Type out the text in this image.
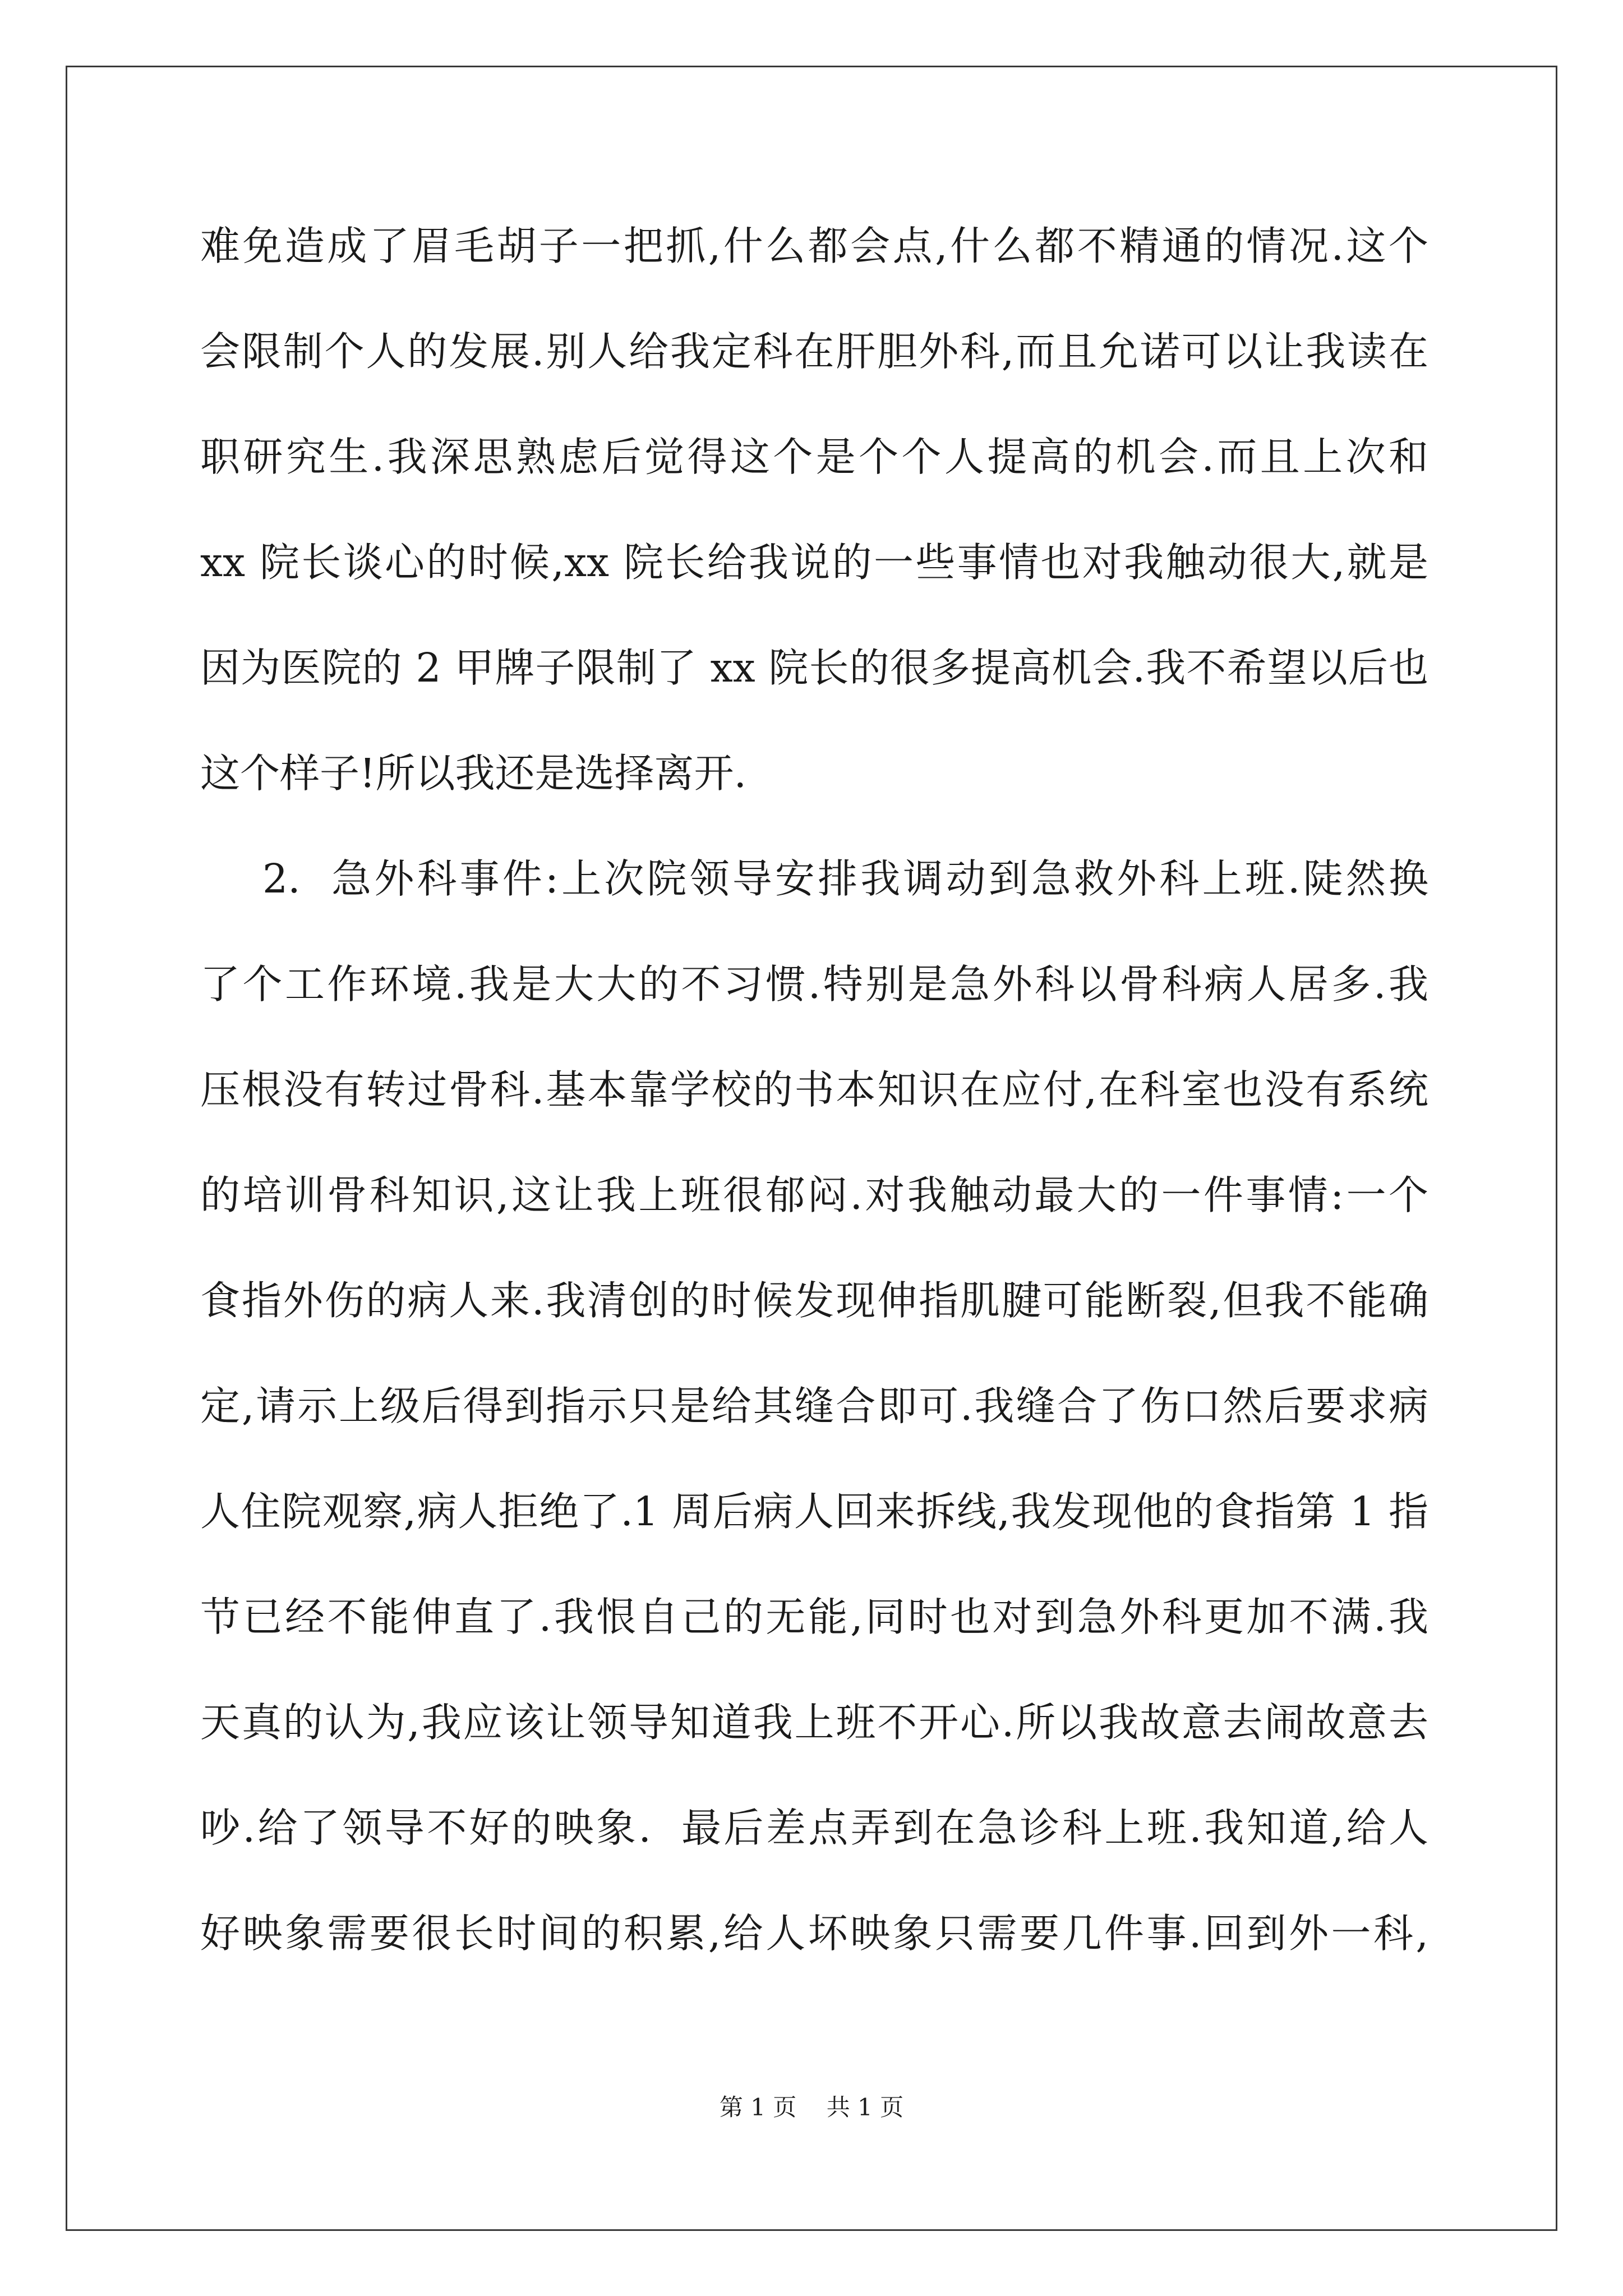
难免造成了眉毛胡子一把抓,什么都会点,什么都不精通的情况.这个
会限制个人的发展.别人给我定科在肝胆外科,而且允诺可以让我读在
职研究生.我深思熟虑后觉得这个是个个人提高的机会.而且上次和
xx 院长谈心的时候,xx 院长给我说的一些事情也对我触动很大,就是
因为医院的 2 甲牌子限制了 xx 院长的很多提高机会.我不希望以后也
这个样子!所以我还是选择离开.
2.  急外科事件:上次院领导安排我调动到急救外科上班.陡然换
了个工作环境.我是大大的不习惯.特别是急外科以骨科病人居多.我
压根没有转过骨科.基本靠学校的书本知识在应付,在科室也没有系统
的培训骨科知识,这让我上班很郁闷.对我触动最大的一件事情:一个
食指外伤的病人来.我清创的时候发现伸指肌腱可能断裂,但我不能确
定,请示上级后得到指示只是给其缝合即可.我缝合了伤口然后要求病
人住院观察,病人拒绝了.1 周后病人回来拆线,我发现他的食指第 1 指
节已经不能伸直了.我恨自己的无能,同时也对到急外科更加不满.我
天真的认为,我应该让领导知道我上班不开心.所以我故意去闹故意去
吵.给了领导不好的映象.  最后差点弄到在急诊科上班.我知道,给人
好映象需要很长时间的积累,给人坏映象只需要几件事.回到外一科,
第 1 页    共 1 页
